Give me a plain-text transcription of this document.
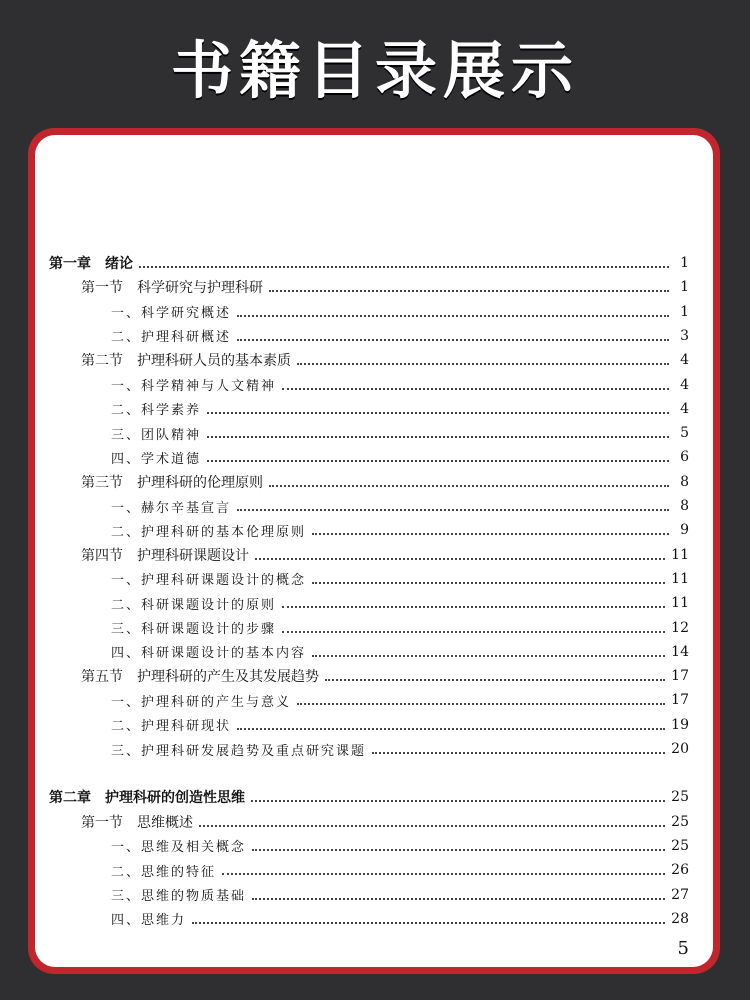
书籍目录展示
第一章　绪论	1
第一节　科学研究与护理科研	1
一、科学研究概述	1
二、护理科研概述	3
第二节　护理科研人员的基本素质	4
一、科学精神与人文精神	4
二、科学素养	4
三、团队精神	5
四、学术道德	6
第三节　护理科研的伦理原则	8
一、赫尔辛基宣言	8
二、护理科研的基本伦理原则	9
第四节　护理科研课题设计	11
一、护理科研课题设计的概念	11
二、科研课题设计的原则	11
三、科研课题设计的步骤	12
四、科研课题设计的基本内容	14
第五节　护理科研的产生及其发展趋势	17
一、护理科研的产生与意义	17
二、护理科研现状	19
三、护理科研发展趋势及重点研究课题	20
第二章　护理科研的创造性思维	25
第一节　思维概述	25
一、思维及相关概念	25
二、思维的特征	26
三、思维的物质基础	27
四、思维力	28
5
